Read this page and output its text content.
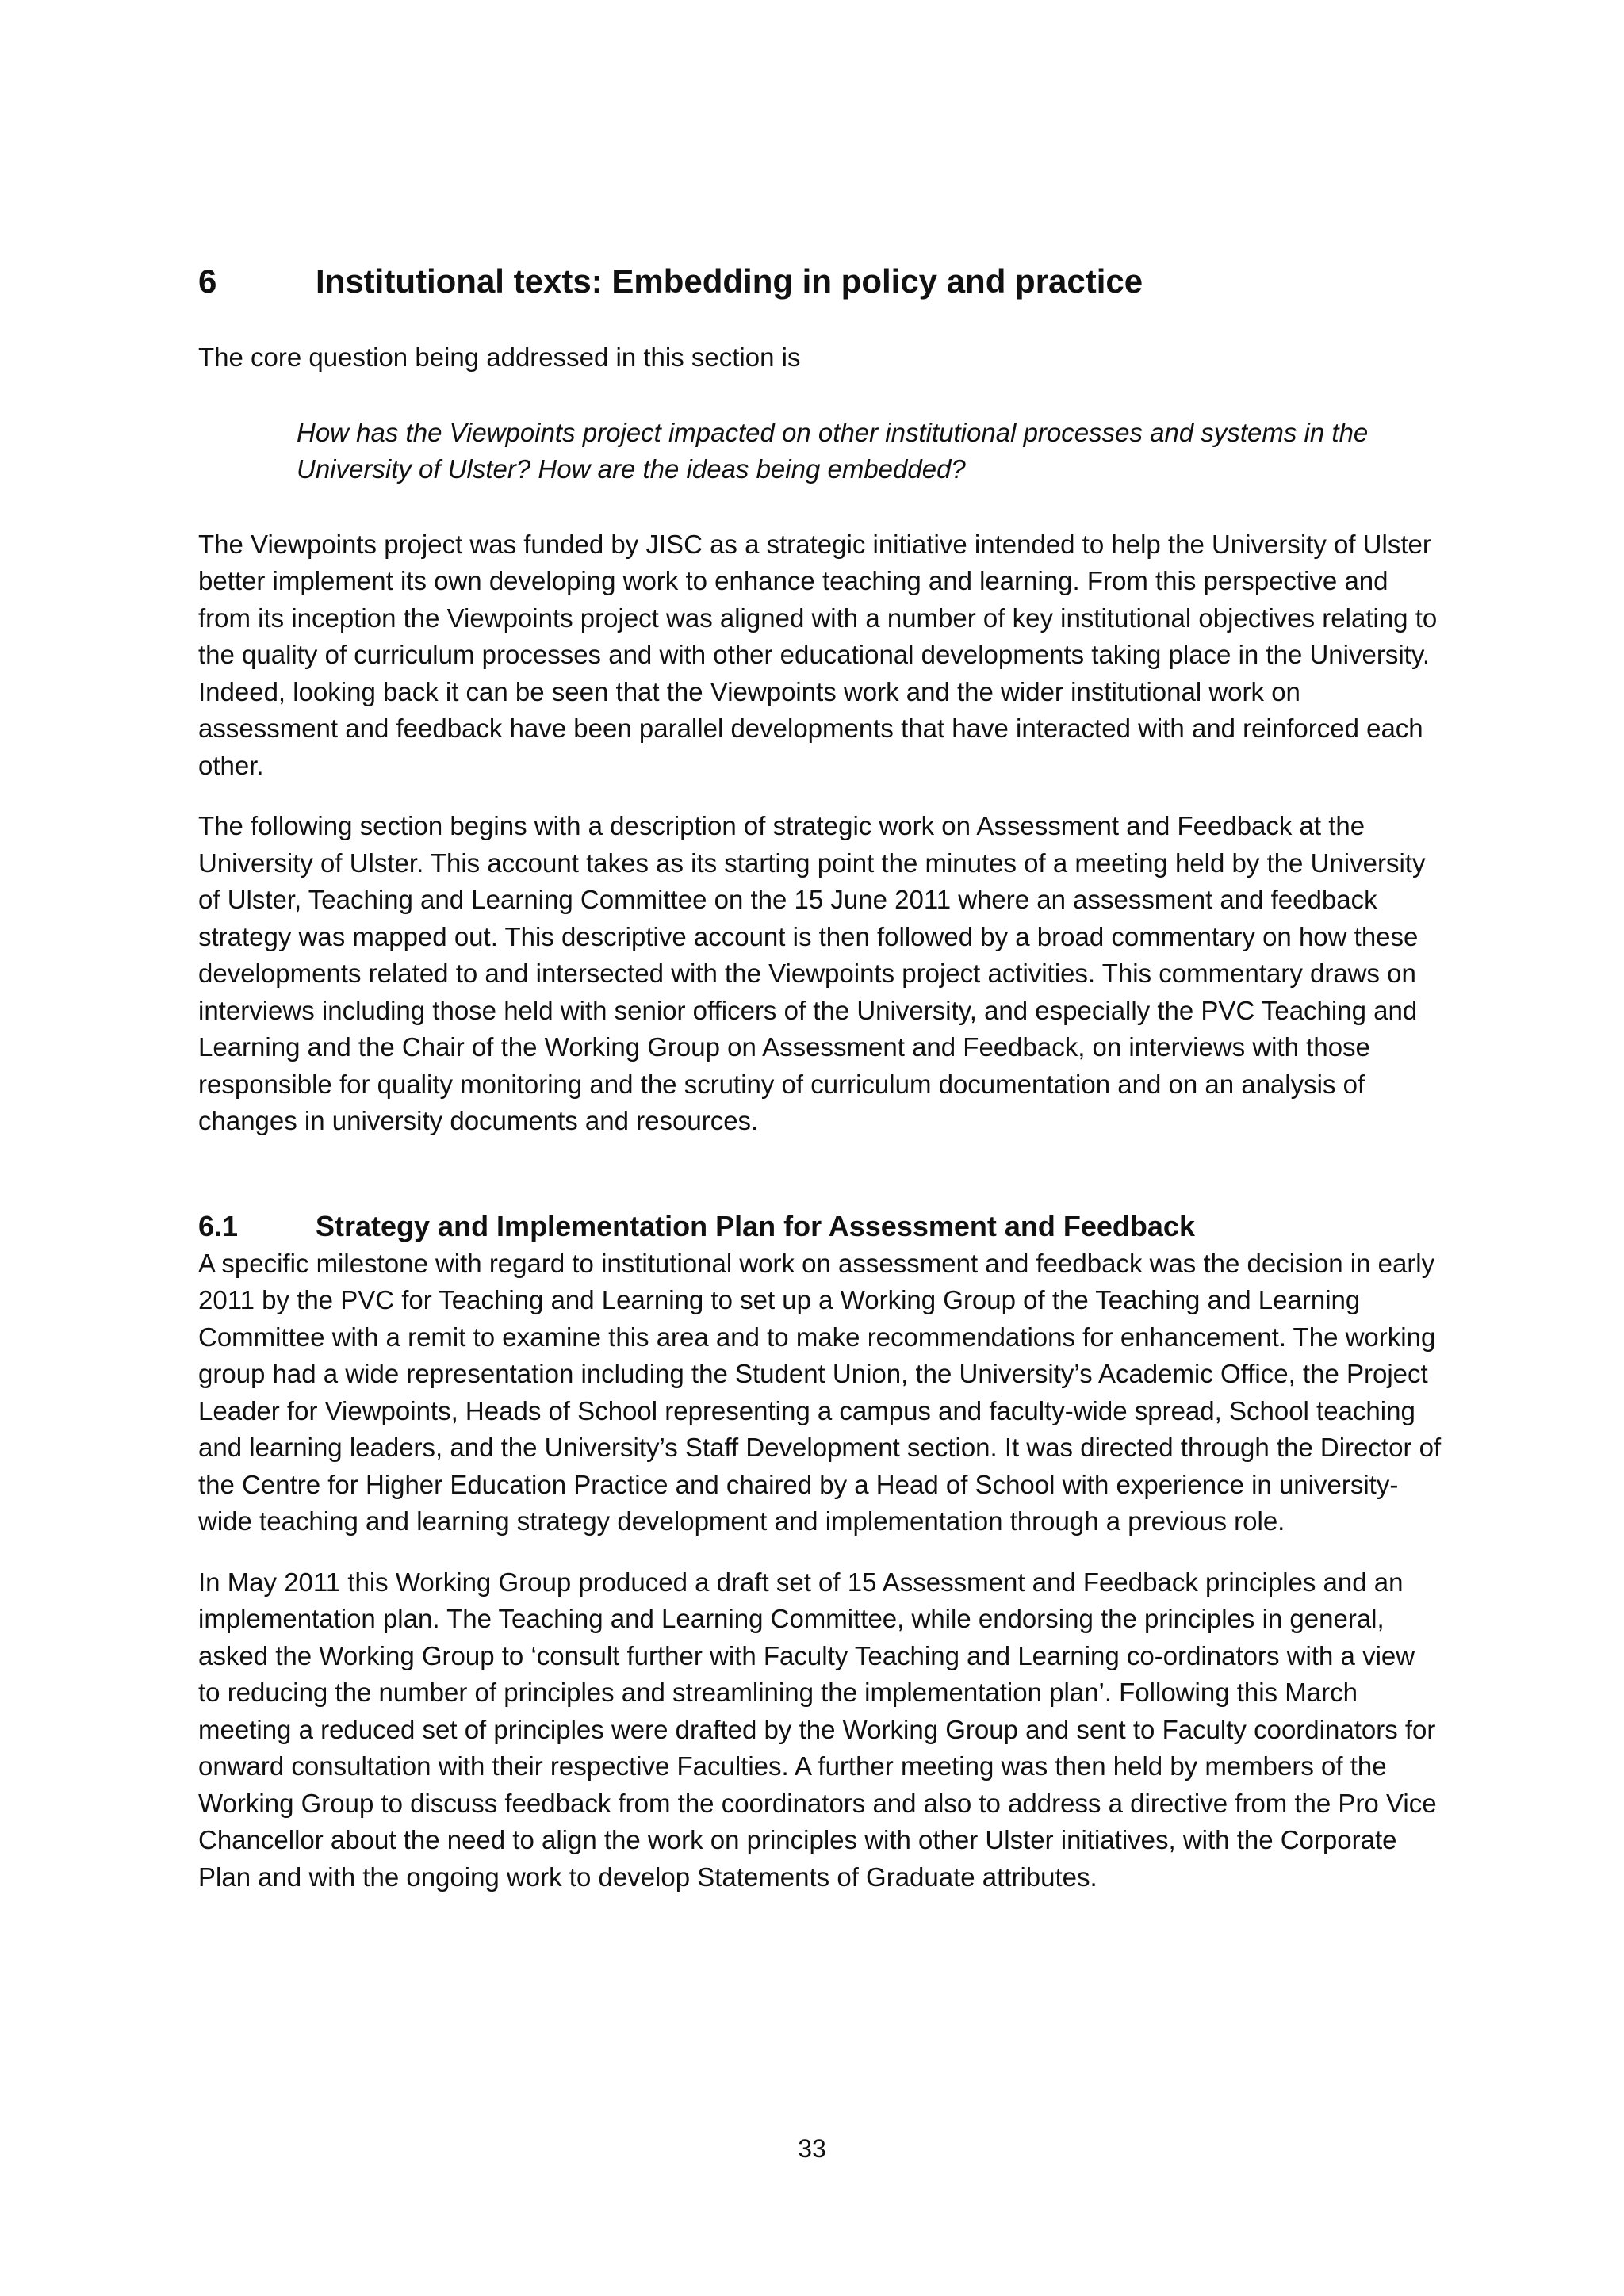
6	Institutional texts: Embedding in policy and practice

The core question being addressed in this section is

How has the Viewpoints project impacted on other institutional processes and systems in the University of Ulster? How are the ideas being embedded?

The Viewpoints project was funded by JISC as a strategic initiative intended to help the University of Ulster better implement its own developing work to enhance teaching and learning. From this perspective and from its inception the Viewpoints project was aligned with a number of key institutional objectives relating to the quality of curriculum processes and with other educational developments taking place in the University. Indeed, looking back it can be seen that the Viewpoints work and the wider institutional work on assessment and feedback have been parallel developments that have interacted with and reinforced each other.

The following section begins with a description of strategic work on Assessment and Feedback at the University of Ulster. This account takes as its starting point the minutes of a meeting held by the University of Ulster, Teaching and Learning Committee on the 15 June 2011 where an assessment and feedback strategy was mapped out. This descriptive account is then followed by a broad commentary on how these developments related to and intersected with the Viewpoints project activities. This commentary draws on interviews including those held with senior officers of the University, and especially the PVC Teaching and Learning and the Chair of the Working Group on Assessment and Feedback, on interviews with those responsible for quality monitoring and the scrutiny of curriculum documentation and on an analysis of changes in university documents and resources.

6.1	Strategy and Implementation Plan for Assessment and Feedback

A specific milestone with regard to institutional work on assessment and feedback was the decision in early 2011 by the PVC for Teaching and Learning to set up a Working Group of the Teaching and Learning Committee with a remit to examine this area and to make recommendations for enhancement. The working group had a wide representation including the Student Union, the University’s Academic Office, the Project Leader for Viewpoints, Heads of School representing a campus and faculty-wide spread, School teaching and learning leaders, and the University’s Staff Development section. It was directed through the Director of the Centre for Higher Education Practice and chaired by a Head of School with experience in university-wide teaching and learning strategy development and implementation through a previous role.

In May 2011 this Working Group produced a draft set of 15 Assessment and Feedback principles and an implementation plan. The Teaching and Learning Committee, while endorsing the principles in general, asked the Working Group to ‘consult further with Faculty Teaching and Learning co-ordinators with a view to reducing the number of principles and streamlining the implementation plan’. Following this March meeting a reduced set of principles were drafted by the Working Group and sent to Faculty coordinators for onward consultation with their respective Faculties. A further meeting was then held by members of the Working Group to discuss feedback from the coordinators and also to address a directive from the Pro Vice Chancellor about the need to align the work on principles with other Ulster initiatives, with the Corporate Plan and with the ongoing work to develop Statements of Graduate attributes.

33
